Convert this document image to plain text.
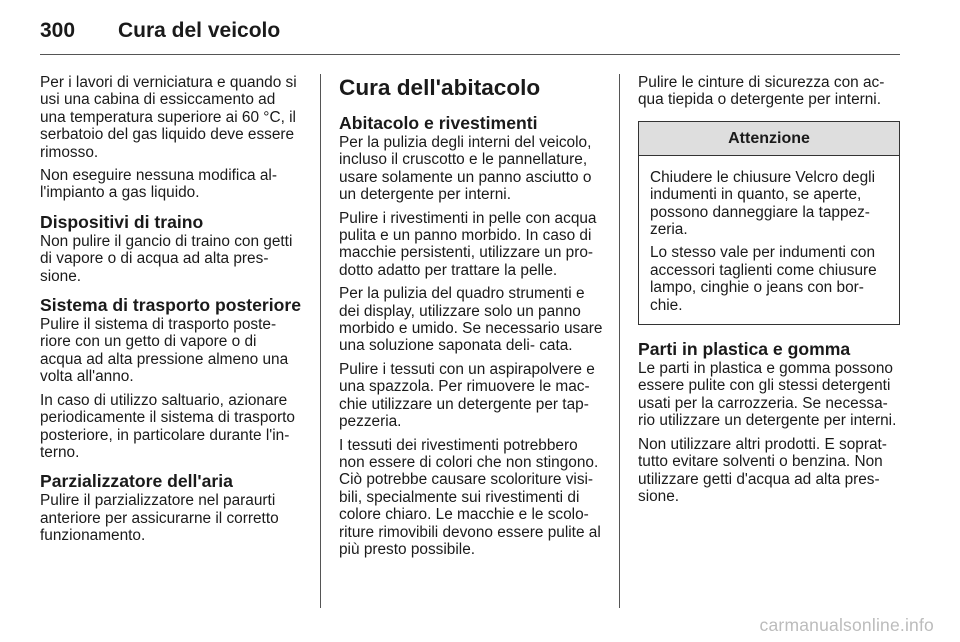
300 Cura del veicolo

Per i lavori di verniciatura e quando si usi una cabina di essiccamento ad una temperatura superiore ai 60 °C, il serbatoio del gas liquido deve essere rimosso.

Non eseguire nessuna modifica al- l'impianto a gas liquido.

Dispositivi di traino

Non pulire il gancio di traino con getti di vapore o di acqua ad alta pres- sione.

Sistema di trasporto posteriore

Pulire il sistema di trasporto poste- riore con un getto di vapore o di acqua ad alta pressione almeno una volta all'anno.

In caso di utilizzo saltuario, azionare periodicamente il sistema di trasporto posteriore, in particolare durante l'in- terno.

Parzializzatore dell'aria

Pulire il parzializzatore nel paraurti anteriore per assicurarne il corretto funzionamento.

Cura dell'abitacolo
Abitacolo e rivestimenti

Per la pulizia degli interni del veicolo, incluso il cruscotto e le pannellature, usare solamente un panno asciutto o un detergente per interni.

Pulire i rivestimenti in pelle con acqua pulita e un panno morbido. In caso di macchie persistenti, utilizzare un pro- dotto adatto per trattare la pelle.

Per la pulizia del quadro strumenti e dei display, utilizzare solo un panno morbido e umido. Se necessario usare una soluzione saponata deli- cata.

Pulire i tessuti con un aspirapolvere e una spazzola. Per rimuovere le mac- chie utilizzare un detergente per tap- pezzeria.

I tessuti dei rivestimenti potrebbero non essere di colori che non stingono. Ciò potrebbe causare scoloriture visi- bili, specialmente sui rivestimenti di colore chiaro. Le macchie e le scolo- riture rimovibili devono essere pulite al più presto possibile.

Pulire le cinture di sicurezza con ac- qua tiepida o detergente per interni.

Attenzione

Chiudere le chiusure Velcro degli indumenti in quanto, se aperte, possono danneggiare la tappez- zeria.

Lo stesso vale per indumenti con accessori taglienti come chiusure lampo, cinghie o jeans con bor- chie.

Parti in plastica e gomma

Le parti in plastica e gomma possono essere pulite con gli stessi detergenti usati per la carrozzeria. Se necessa- rio utilizzare un detergente per interni.

Non utilizzare altri prodotti. E soprat- tutto evitare solventi o benzina. Non utilizzare getti d'acqua ad alta pres- sione.

carmanualsonline.info
